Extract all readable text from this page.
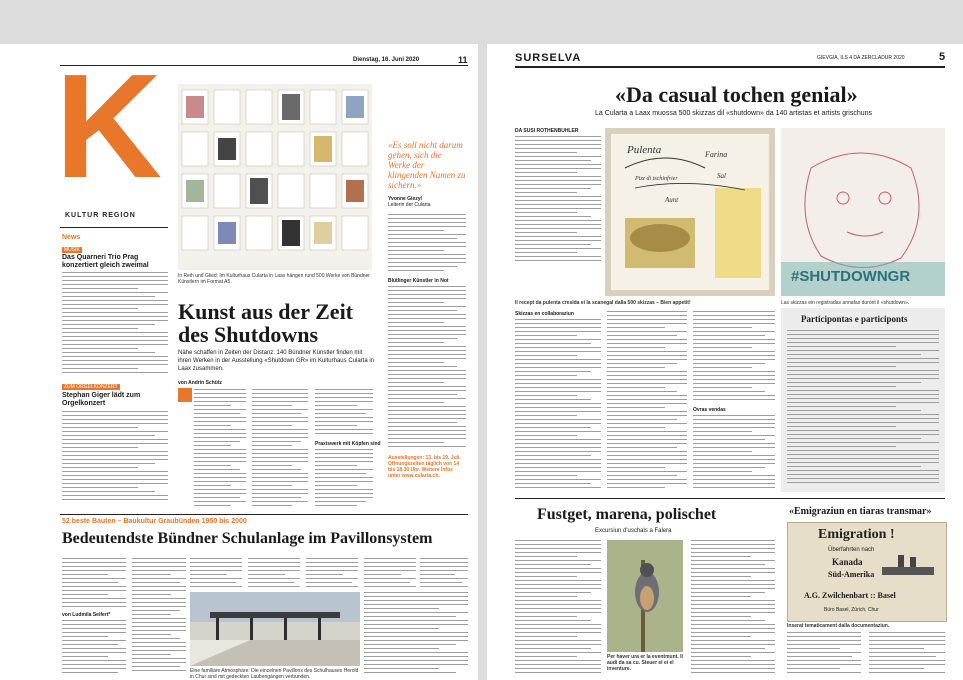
Dienstag, 16. Juni 2020	11
K
KULTUR REGION
News
MUSIK
Das Quarneri Trio Prag konzertiert gleich zweimal
ZUM ORGELKONZERT
Stephan Giger lädt zum Orgelkonzert
In Reih und Glied: Im Kulturhaus Cularta in Laax hängen rund 500 Werke von Bündner Künstlern im Format A5.
«Es soll nicht darum gehen, sich die Werke der klingenden Namen zu sichern.»
Yvonne Giezyl
Leiterin der Cularta
Kunst aus der Zeit des Shutdowns
Nähe schaffen in Zeiten der Distanz: 140 Bündner Künstler finden mit ihren Werken in der Ausstellung «Shutdown GR» im Kulturhaus Cularta in Laax zusammen.
von Andrin Schütz
Praxiswerk mit Köpfen sind
Blütlinger Künstler in Not
Ausstellungen: 13. bis 19. Juli. Offnungszeiten täglich von 14 bis 18.30 Uhr. Weitere Infos unter www.cularta.ch.
52 beste Bauten – Baukultur Graubünden 1950 bis 2000
Bedeutendste Bündner Schulanlage im Pavillonsystem
von Ludmila Seifert*
Eine familiäre Atmosphäre: Die einzelnen Pavillons des Schulhauses Herold in Chur sind mit gedeckten Laubengängen verbunden.
SURSELVA	GIEVGIA, ILS 4 DA ZERCLADUR 2020	5
«Da casual tochen genial»
La Cularta a Laax muossa 500 skizzas dil «shutdown» da 140 artistas et artists grischuns
DA SUSI ROTHENBUHLER
Pulenta	Farina
Pizz di tschinfrier	Sal
Aunt
Il recept da pulenta cresida ei la scanegal dalla 500 skizzas – Bien appetit!
#SHUTDOWNGR
Las skizzas ein registradas annafas duront il «shutdown».
Skizzas en collaboraziun
Ovras vendas
Participontas e participonts
Fustget, marena, polischet
Excursiun d'uschals a Falera
Per haver ura er la eventmunt. Il audi da sa cu. Steuer el ei el inventure.
«Emigraziun en tiaras transmar»
Emigration !
Überfahrten nach
Kanada
Süd-Amerika
A.G. Zwilchenbart :: Basel
Büro Basel, Zürich, Chur
Inserat tematicament dalla documentaziun.
